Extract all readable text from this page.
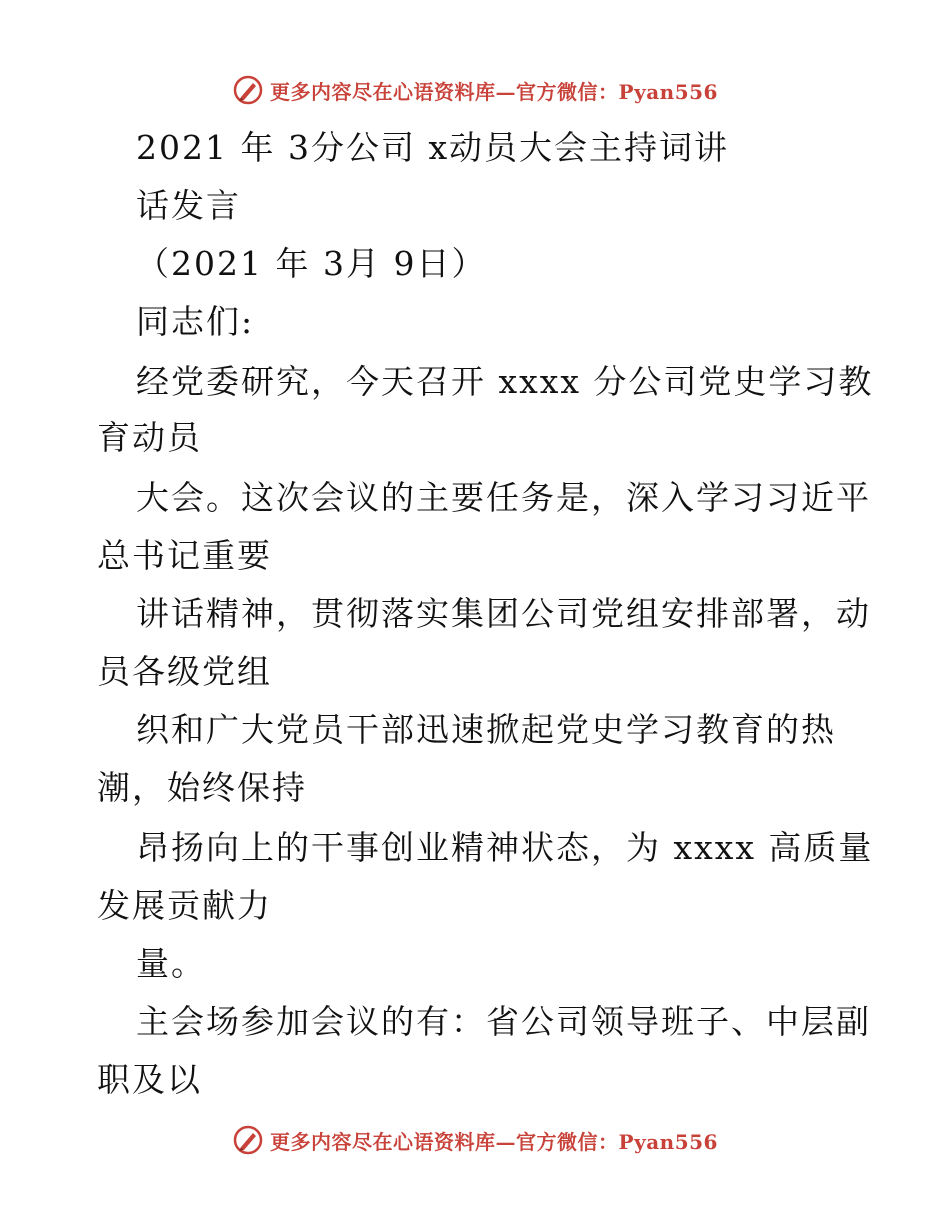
更多内容尽在心语资料库—官方微信：Pyan556
2021 年 3分公司 x动员大会主持词讲
话发言
（2021 年 3月 9日）
同志们:
经党委研究，今天召开 xxxx 分公司党史学习教
育动员
大会。这次会议的主要任务是，深入学习习近平
总书记重要
讲话精神，贯彻落实集团公司党组安排部署，动
员各级党组
织和广大党员干部迅速掀起党史学习教育的热
潮，始终保持
昂扬向上的干事创业精神状态，为 xxxx 高质量
发展贡献力
量。
主会场参加会议的有：省公司领导班子、中层副
职及以
更多内容尽在心语资料库—官方微信：Pyan556
